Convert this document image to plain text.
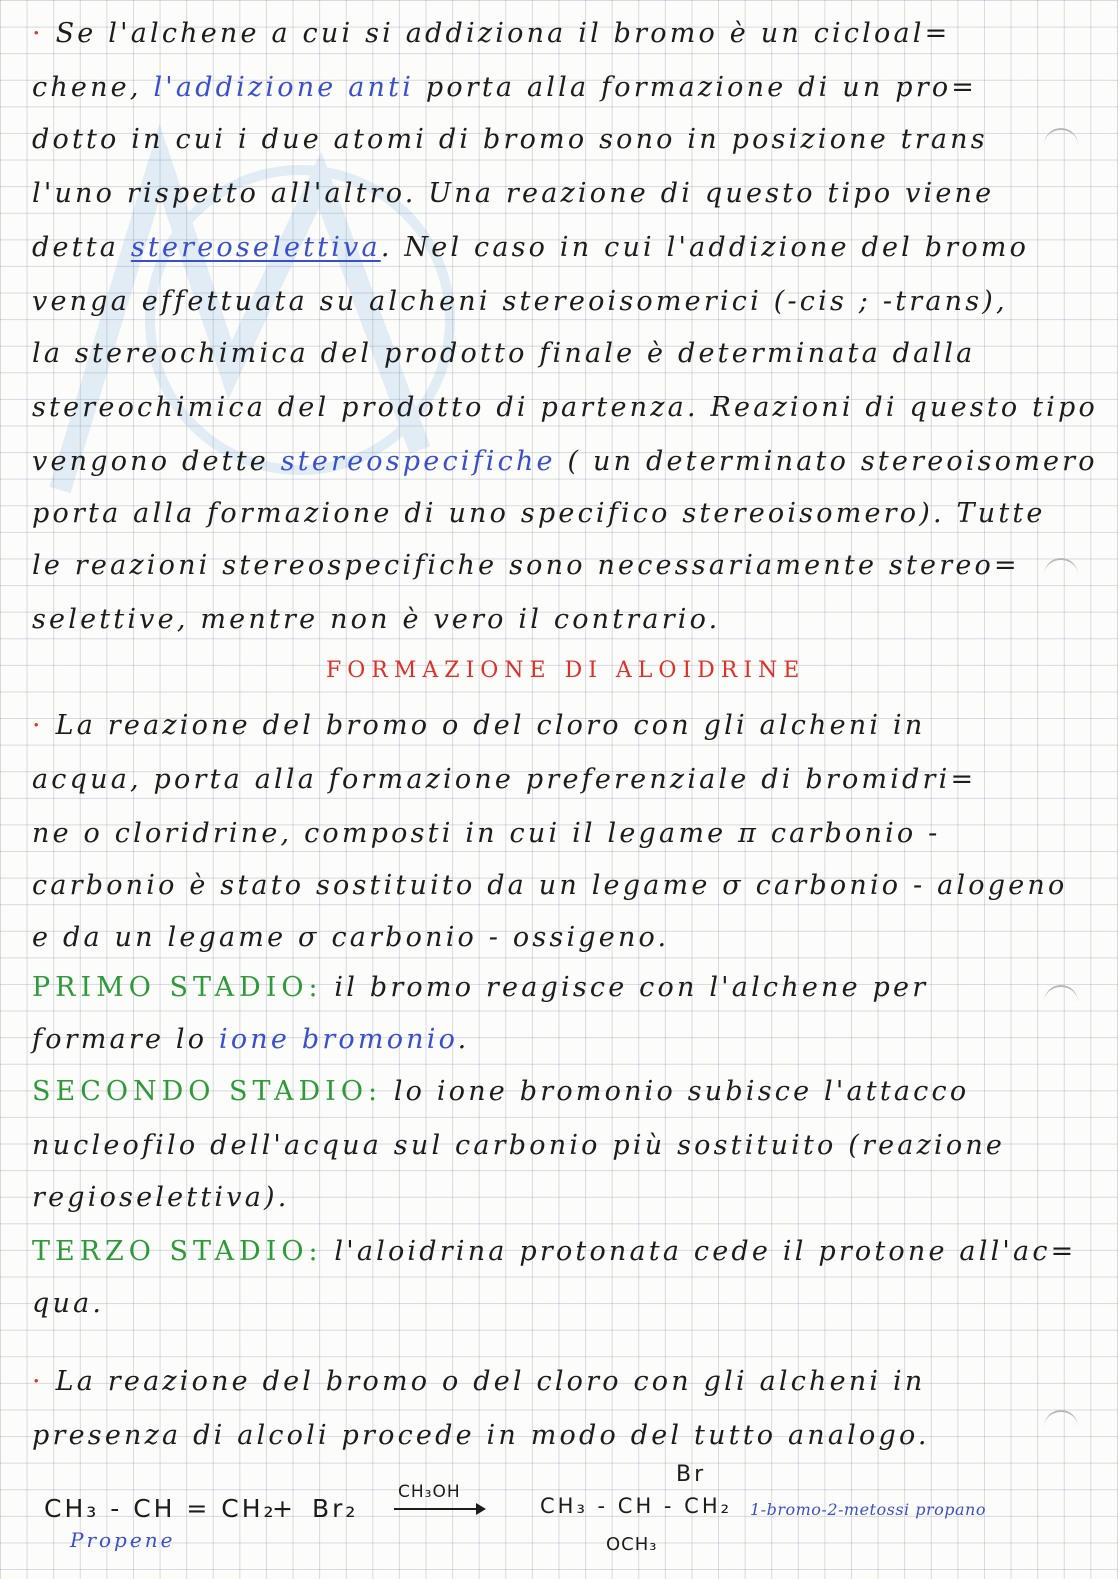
· Se l'alchene a cui si addiziona il bromo è un cicloal=
chene, l'addizione anti porta alla formazione di un pro=
dotto in cui i due atomi di bromo sono in posizione trans
l'uno rispetto all'altro. Una reazione di questo tipo viene
detta stereoselettiva. Nel caso in cui l'addizione del bromo
venga effettuata su alcheni stereoisomerici (-cis ; -trans),
la stereochimica del prodotto finale è determinata dalla
stereochimica del prodotto di partenza. Reazioni di questo tipo
vengono dette stereospecifiche ( un determinato stereoisomero
porta alla formazione di uno specifico stereoisomero). Tutte
le reazioni stereospecifiche sono necessariamente stereo=
selettive, mentre non è vero il contrario.
FORMAZIONE DI ALOIDRINE
· La reazione del bromo o del cloro con gli alcheni in
acqua, porta alla formazione preferenziale di bromidri=
ne o cloridrine, composti in cui il legame π carbonio -
carbonio è stato sostituito da un legame σ carbonio - alogeno
e da un legame σ carbonio - ossigeno.
PRIMO STADIO: il bromo reagisce con l'alchene per
formare lo ione bromonio.
SECONDO STADIO: lo ione bromonio subisce l'attacco
nucleofilo dell'acqua sul carbonio più sostituito (reazione
regioselettiva).
TERZO STADIO: l'aloidrina protonata cede il protone all'ac=
qua.
· La reazione del bromo o del cloro con gli alcheni in
presenza di alcoli procede in modo del tutto analogo.
CH₃ - CH = CH₂
+ Br₂
CH₃OH
Br
CH₃ - CH - CH₂
OCH₃
Propene
1-bromo-2-metossi propano
